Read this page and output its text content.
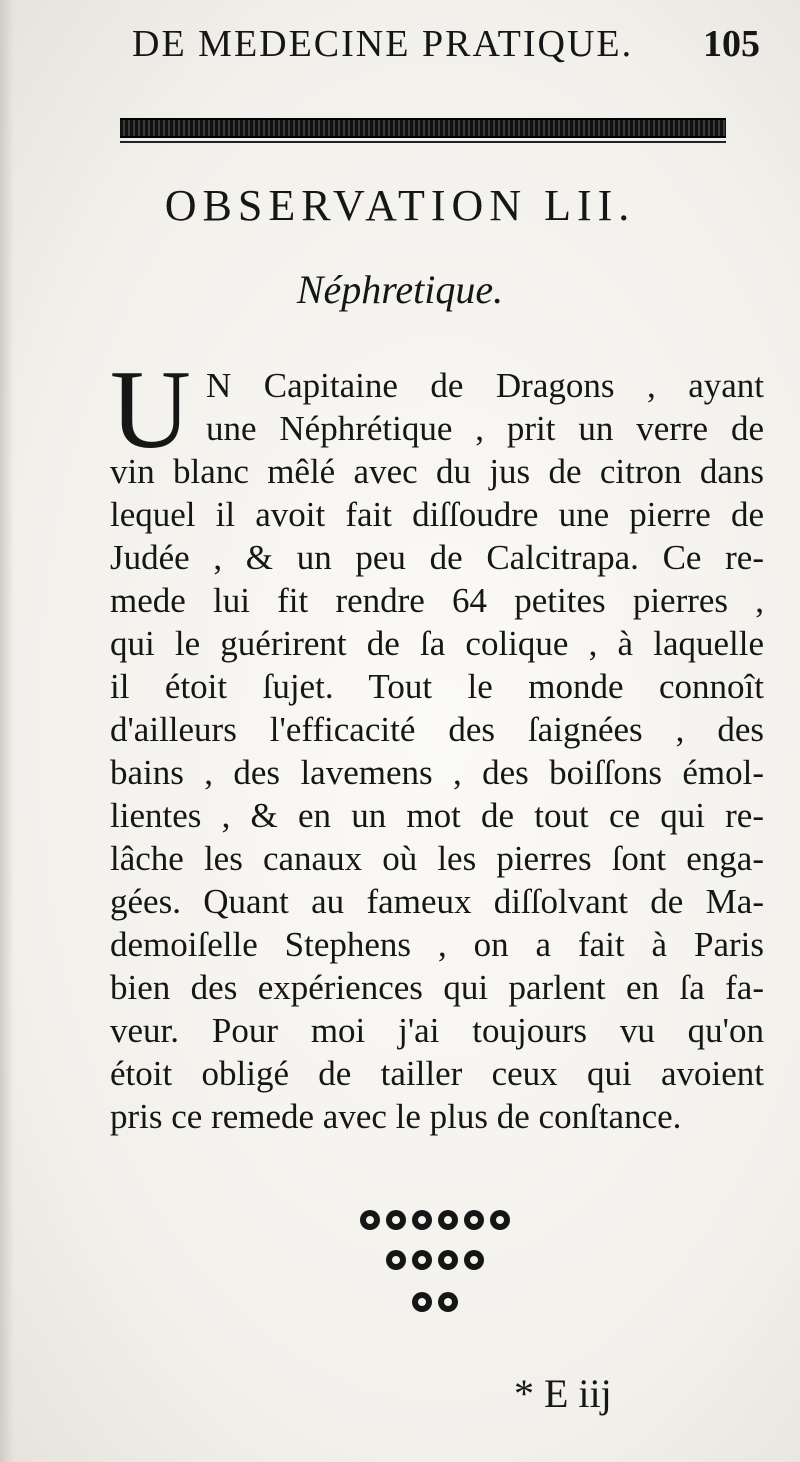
DE MEDECINE PRATIQUE. 105
OBSERVATION LII.
Néphretique.
U N Capitaine de Dragons , ayant
une Néphrétique , prit un verre de
vin blanc mêlé avec du jus de citron dans
lequel il avoit fait diſſoudre une pierre de
Judée , & un peu de Calcitrapa. Ce re-
mede lui fit rendre 64 petites pierres ,
qui le guérirent de ſa colique , à laquelle
il étoit ſujet. Tout le monde connoît
d'ailleurs l'efficacité des ſaignées , des
bains , des lavemens , des boiſſons émol-
lientes , & en un mot de tout ce qui re-
lâche les canaux où les pierres ſont enga-
gées. Quant au fameux diſſolvant de Ma-
demoiſelle Stephens , on a fait à Paris
bien des expériences qui parlent en ſa fa-
veur. Pour moi j'ai toujours vu qu'on
étoit obligé de tailler ceux qui avoient
pris ce remede avec le plus de conſtance.
* E iij
